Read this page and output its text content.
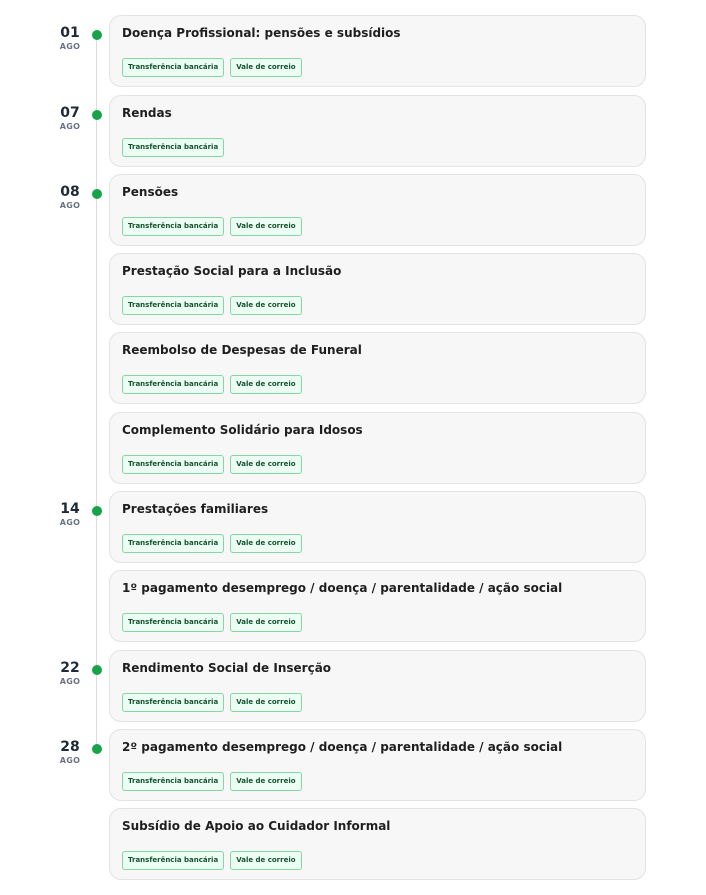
01
AGO
Doença Profissional: pensões e subsídios
Transferência bancária	Vale de correio
07
AGO
Rendas
Transferência bancária
08
AGO
Pensões
Transferência bancária	Vale de correio
Prestação Social para a Inclusão
Transferência bancária	Vale de correio
Reembolso de Despesas de Funeral
Transferência bancária	Vale de correio
Complemento Solidário para Idosos
Transferência bancária	Vale de correio
14
AGO
Prestações familiares
Transferência bancária	Vale de correio
1º pagamento desemprego / doença / parentalidade / ação social
Transferência bancária	Vale de correio
22
AGO
Rendimento Social de Inserção
Transferência bancária	Vale de correio
28
AGO
2º pagamento desemprego / doença / parentalidade / ação social
Transferência bancária	Vale de correio
Subsídio de Apoio ao Cuidador Informal
Transferência bancária	Vale de correio
